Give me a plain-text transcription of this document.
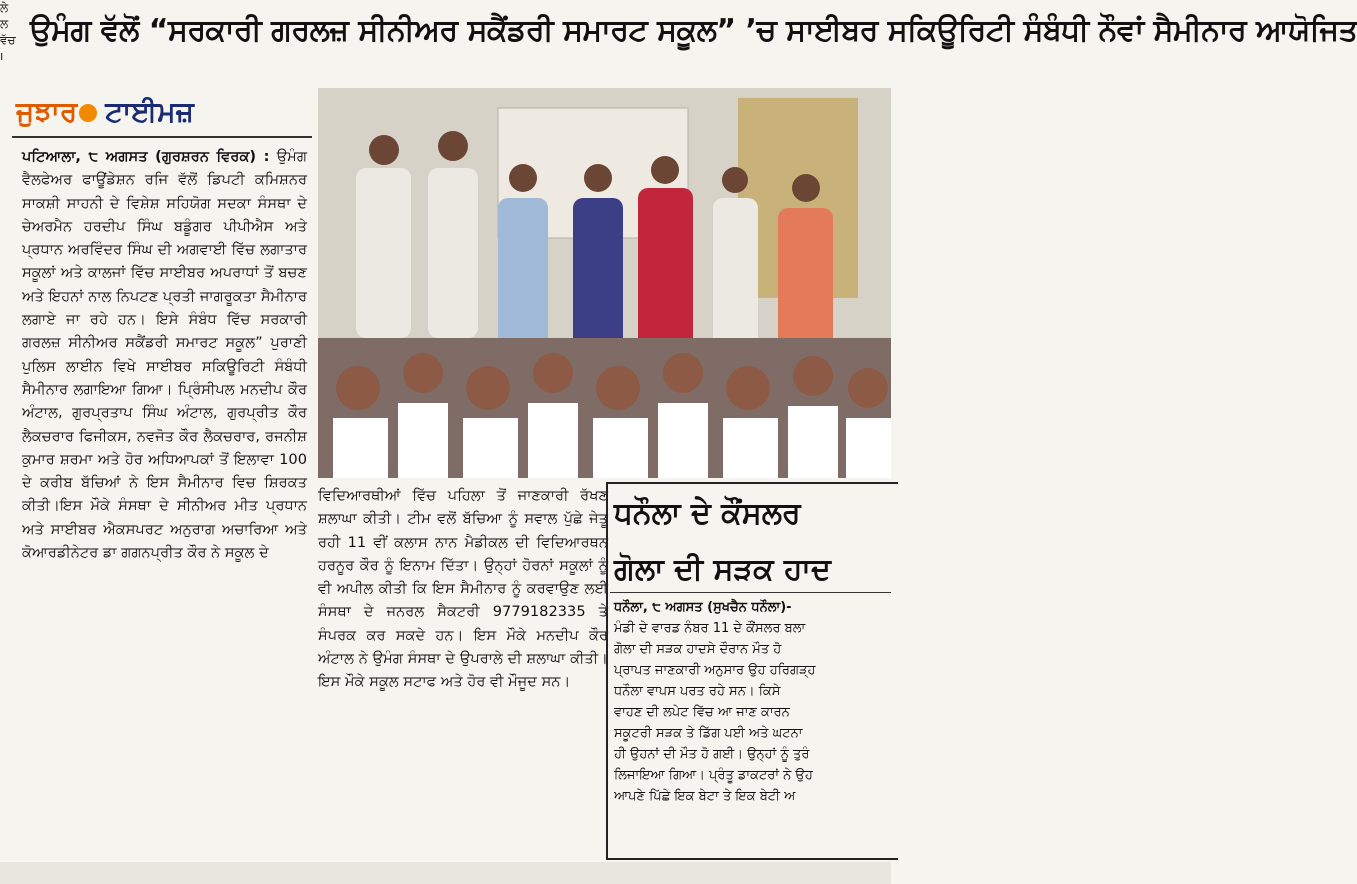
ਲੇ
ਲ
ਵੱਚ
ı
ਉਮੰਗ ਵੱਲੋਂ “ਸਰਕਾਰੀ ਗਰਲਜ਼ ਸੀਨੀਅਰ ਸਕੈਂਡਰੀ ਸਮਾਰਟ ਸਕੂਲ” ’ਚ ਸਾਈਬਰ ਸਕਿਊਰਿਟੀ ਸੰਬੰਧੀ ਨੌਵਾਂ ਸੈਮੀਨਾਰ ਆਯੋਜਿਤ
ਜੁਝਾਰ ਟਾਈਮਜ਼
ਪਟਿਆਲਾ, ੮ ਅਗਸਤ (ਗੁਰਸ਼ਰਨ ਵਿਰਕ) : ਉਮੰਗ ਵੈਲਫੇਅਰ ਫਾਊਂਡੇਸ਼ਨ ਰਜਿ ਵੱਲੋਂ ਡਿਪਟੀ ਕਮਿਸ਼ਨਰ ਸਾਕਸ਼ੀ ਸਾਹਨੀ ਦੇ ਵਿਸ਼ੇਸ਼ ਸਹਿਯੋਗ ਸਦਕਾ ਸੰਸਥਾ ਦੇ ਚੇਅਰਮੈਨ ਹਰਦੀਪ ਸਿੰਘ ਬਡੂੰਗਰ ਪੀਪੀਐਸ ਅਤੇ ਪ੍ਰਧਾਨ ਅਰਵਿੰਦਰ ਸਿੰਘ ਦੀ ਅਗਵਾਈ ਵਿੱਚ ਲਗਾਤਾਰ ਸਕੂਲਾਂ ਅਤੇ ਕਾਲਜਾਂ ਵਿੱਚ ਸਾਈਬਰ ਅਪਰਾਧਾਂ ਤੋਂ ਬਚਣ ਅਤੇ ਇਹਨਾਂ ਨਾਲ ਨਿਪਟਣ ਪ੍ਰਤੀ ਜਾਗਰੂਕਤਾ ਸੈਮੀਨਾਰ ਲਗਾਏ ਜਾ ਰਹੇ ਹਨ। ਇਸੇ ਸੰਬੰਧ ਵਿੱਚ ਸਰਕਾਰੀ ਗਰਲਜ਼ ਸੀਨੀਅਰ ਸਕੈਂਡਰੀ ਸਮਾਰਟ ਸਕੂਲ” ਪੁਰਾਣੀ ਪੁਲਿਸ ਲਾਈਨ ਵਿਖੇ ਸਾਈਬਰ ਸਕਿਊਰਿਟੀ ਸੰਬੰਧੀ ਸੈਮੀਨਾਰ ਲਗਾਇਆ ਗਿਆ। ਪ੍ਰਿੰਸੀਪਲ ਮਨਦੀਪ ਕੌਰ ਅੰਟਾਲ, ਗੁਰਪ੍ਰਤਾਪ ਸਿੰਘ ਅੰਟਾਲ, ਗੁਰਪ੍ਰੀਤ ਕੌਰ ਲੈਕਚਰਾਰ ਫਿਜੀਕਸ, ਨਵਜੋਤ ਕੌਰ ਲੈਕਚਰਾਰ, ਰਜਨੀਸ਼ ਕੁਮਾਰ ਸ਼ਰਮਾ ਅਤੇ ਹੋਰ ਅਧਿਆਪਕਾਂ ਤੋਂ ਇਲਾਵਾ 100 ਦੇ ਕਰੀਬ ਬੱਚਿਆਂ ਨੇ ਇਸ ਸੈਮੀਨਾਰ ਵਿਚ ਸ਼ਿਰਕਤ ਕੀਤੀ।ਇਸ ਮੌਕੇ ਸੰਸਥਾ ਦੇ ਸੀਨੀਅਰ ਮੀਤ ਪ੍ਰਧਾਨ ਅਤੇ ਸਾਈਬਰ ਐਕਸਪਰਟ ਅਨੁਰਾਗ ਅਚਾਰਿਆ ਅਤੇ ਕੋਆਰਡੀਨੇਟਰ ਡਾ ਗਗਨਪ੍ਰੀਤ ਕੌਰ ਨੇ ਸਕੂਲ ਦੇ
ਵਿਦਿਆਰਥੀਆਂ ਵਿੱਚ ਪਹਿਲਾ ਤੋਂ ਜਾਣਕਾਰੀ ਰੱਖਣ ਸ਼ਲਾਘਾ ਕੀਤੀ। ਟੀਮ ਵਲੋਂ ਬੱਚਿਆ ਨੂੰ ਸਵਾਲ ਪੁੱਛੇ ਜੇਤੂ ਰਹੀ 11 ਵੀਂ ਕਲਾਸ ਨਾਨ ਮੈਡੀਕਲ ਦੀ ਵਿਦਿਆਰਥਨ ਹਰਨੂਰ ਕੌਰ ਨੂੰ ਇਨਾਮ ਦਿੱਤਾ। ਉਨ੍ਹਾਂ ਹੋਰਨਾਂ ਸਕੂਲਾਂ ਨੂੰ ਵੀ ਅਪੀਲ ਕੀਤੀ ਕਿ ਇਸ ਸੈਮੀਨਾਰ ਨੂੰ ਕਰਵਾਉਣ ਲਈ ਸੰਸਥਾ ਦੇ ਜਨਰਲ ਸੈਕਟਰੀ 9779182335 ਤੇ ਸੰਪਰਕ ਕਰ ਸਕਦੇ ਹਨ। ਇਸ ਮੌਕੇ ਮਨਦੀਪ ਕੌਰ ਅੰਟਾਲ ਨੇ ਉਮੰਗ ਸੰਸਥਾ ਦੇ ਉਪਰਾਲੇ ਦੀ ਸ਼ਲਾਘਾ ਕੀਤੀ। ਇਸ ਮੌਕੇ ਸਕੂਲ ਸਟਾਫ ਅਤੇ ਹੋਰ ਵੀ ਮੌਜੂਦ ਸਨ।
ਧਨੌਲਾ ਦੇ ਕੌਂਸਲਰ
ਗੋਲਾ ਦੀ ਸੜਕ ਹਾਦ
ਧਨੌਲਾ, ੮ ਅਗਸਤ (ਸੁਖਚੈਨ ਧਨੌਲਾ)-
ਮੰਡੀ ਦੇ ਵਾਰਡ ਨੰਬਰ 11 ਦੇ ਕੌਂਸਲਰ ਬਲਾ
ਗੋਲਾ ਦੀ ਸੜਕ ਹਾਦਸੇ ਦੌਰਾਨ ਮੌਤ ਹੋ
ਪ੍ਰਾਪਤ ਜਾਣਕਾਰੀ ਅਨੁਸਾਰ ਉਹ ਹਰਿਗੜ੍ਹ
ਧਨੌਲਾ ਵਾਪਸ ਪਰਤ ਰਹੇ ਸਨ। ਕਿਸੇ
ਵਾਹਣ ਦੀ ਲਪੇਟ ਵਿੱਚ ਆ ਜਾਣ ਕਾਰਨ
ਸਕੂਟਰੀ ਸੜਕ ਤੇ ਡਿੱਗ ਪਈ ਅਤੇ ਘਟਨਾ
ਹੀ ਉਹਨਾਂ ਦੀ ਮੌਤ ਹੋ ਗਈ। ਉਨ੍ਹਾਂ ਨੂੰ ਤੁਰੰ
ਲਿਜਾਇਆ ਗਿਆ। ਪ੍ਰੰਤੂ ਡਾਕਟਰਾਂ ਨੇ ਉਹ
ਆਪਣੇ ਪਿੱਛੇ ਇਕ ਬੇਟਾ ਤੇ ਇਕ ਬੇਟੀ ਅ
